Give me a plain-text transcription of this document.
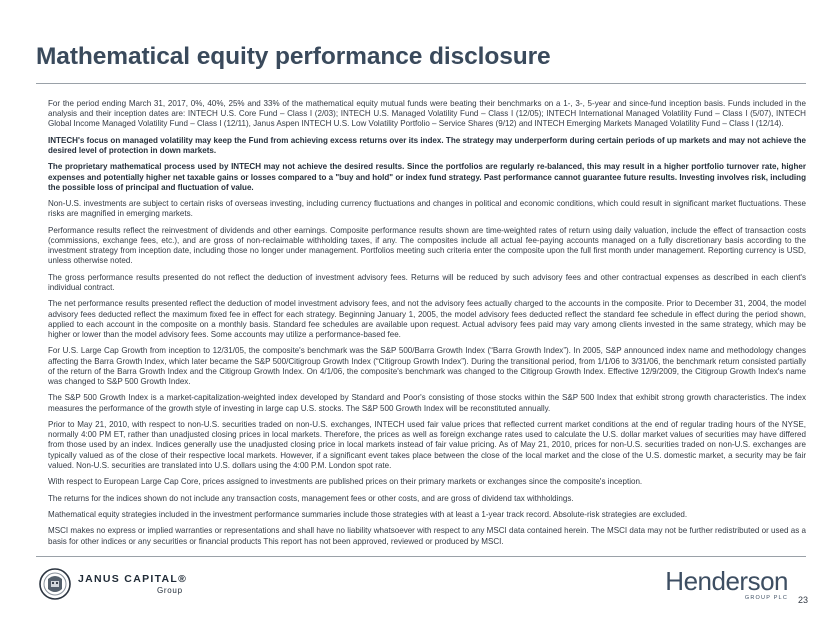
Mathematical equity performance disclosure

For the period ending March 31, 2017, 0%, 40%, 25% and 33% of the mathematical equity mutual funds were beating their benchmarks on a 1-, 3-, 5-year and since-fund inception basis. Funds included in the analysis and their inception dates are: INTECH U.S. Core Fund – Class I (2/03); INTECH U.S. Managed Volatility Fund – Class I (12/05); INTECH International Managed Volatility Fund – Class I (5/07), INTECH Global Income Managed Volatility Fund – Class I (12/11), Janus Aspen INTECH U.S. Low Volatility Portfolio – Service Shares (9/12) and INTECH Emerging Markets Managed Volatility Fund – Class I (12/14).

INTECH's focus on managed volatility may keep the Fund from achieving excess returns over its index. The strategy may underperform during certain periods of up markets and may not achieve the desired level of protection in down markets.

The proprietary mathematical process used by INTECH may not achieve the desired results. Since the portfolios are regularly re-balanced, this may result in a higher portfolio turnover rate, higher expenses and potentially higher net taxable gains or losses compared to a "buy and hold" or index fund strategy. Past performance cannot guarantee future results. Investing involves risk, including the possible loss of principal and fluctuation of value.

Non-U.S. investments are subject to certain risks of overseas investing, including currency fluctuations and changes in political and economic conditions, which could result in significant market fluctuations. These risks are magnified in emerging markets.

Performance results reflect the reinvestment of dividends and other earnings. Composite performance results shown are time-weighted rates of return using daily valuation, include the effect of transaction costs (commissions, exchange fees, etc.), and are gross of non-reclaimable withholding taxes, if any. The composites include all actual fee-paying accounts managed on a fully discretionary basis according to the investment strategy from inception date, including those no longer under management. Portfolios meeting such criteria enter the composite upon the full first month under management. Reporting currency is USD, unless otherwise noted.

The gross performance results presented do not reflect the deduction of investment advisory fees. Returns will be reduced by such advisory fees and other contractual expenses as described in each client's individual contract.

The net performance results presented reflect the deduction of model investment advisory fees, and not the advisory fees actually charged to the accounts in the composite. Prior to December 31, 2004, the model advisory fees deducted reflect the maximum fixed fee in effect for each strategy. Beginning January 1, 2005, the model advisory fees deducted reflect the standard fee schedule in effect during the period shown, applied to each account in the composite on a monthly basis. Standard fee schedules are available upon request. Actual advisory fees paid may vary among clients invested in the same strategy, which may be higher or lower than the model advisory fees. Some accounts may utilize a performance-based fee.

For U.S. Large Cap Growth from inception to 12/31/05, the composite's benchmark was the S&P 500/Barra Growth Index (“Barra Growth Index”). In 2005, S&P announced index name and methodology changes affecting the Barra Growth Index, which later became the S&P 500/Citigroup Growth Index (“Citigroup Growth Index”). During the transitional period, from 1/1/06 to 3/31/06, the benchmark return consisted partially of the return of the Barra Growth Index and the Citigroup Growth Index. On 4/1/06, the composite's benchmark was changed to the Citigroup Growth Index. Effective 12/9/2009, the Citigroup Growth Index's name was changed to S&P 500 Growth Index.

The S&P 500 Growth Index is a market-capitalization-weighted index developed by Standard and Poor's consisting of those stocks within the S&P 500 Index that exhibit strong growth characteristics. The index measures the performance of the growth style of investing in large cap U.S. stocks. The S&P 500 Growth Index will be reconstituted annually.

Prior to May 21, 2010, with respect to non-U.S. securities traded on non-U.S. exchanges, INTECH used fair value prices that reflected current market conditions at the end of regular trading hours of the NYSE, normally 4:00 PM ET, rather than unadjusted closing prices in local markets. Therefore, the prices as well as foreign exchange rates used to calculate the U.S. dollar market values of securities may have differed from those used by an index. Indices generally use the unadjusted closing price in local markets instead of fair value pricing. As of May 21, 2010, prices for non-U.S. securities traded on non-U.S. exchanges are typically valued as of the close of their respective local markets. However, if a significant event takes place between the close of the local market and the close of the U.S. domestic market, a security may be fair valued. Non-U.S. securities are translated into U.S. dollars using the 4:00 P.M. London spot rate.

With respect to European Large Cap Core, prices assigned to investments are published prices on their primary markets or exchanges since the composite's inception.

The returns for the indices shown do not include any transaction costs, management fees or other costs, and are gross of dividend tax withholdings.

Mathematical equity strategies included in the investment performance summaries include those strategies with at least a 1-year track record. Absolute-risk strategies are excluded.

MSCI makes no express or implied warranties or representations and shall have no liability whatsoever with respect to any MSCI data contained herein. The MSCI data may not be further redistributed or used as a basis for other indices or any securities or financial products This report has not been approved, reviewed or produced by MSCI.

JANUS CAPITAL®
Group	Henderson
GROUP PLC 23
